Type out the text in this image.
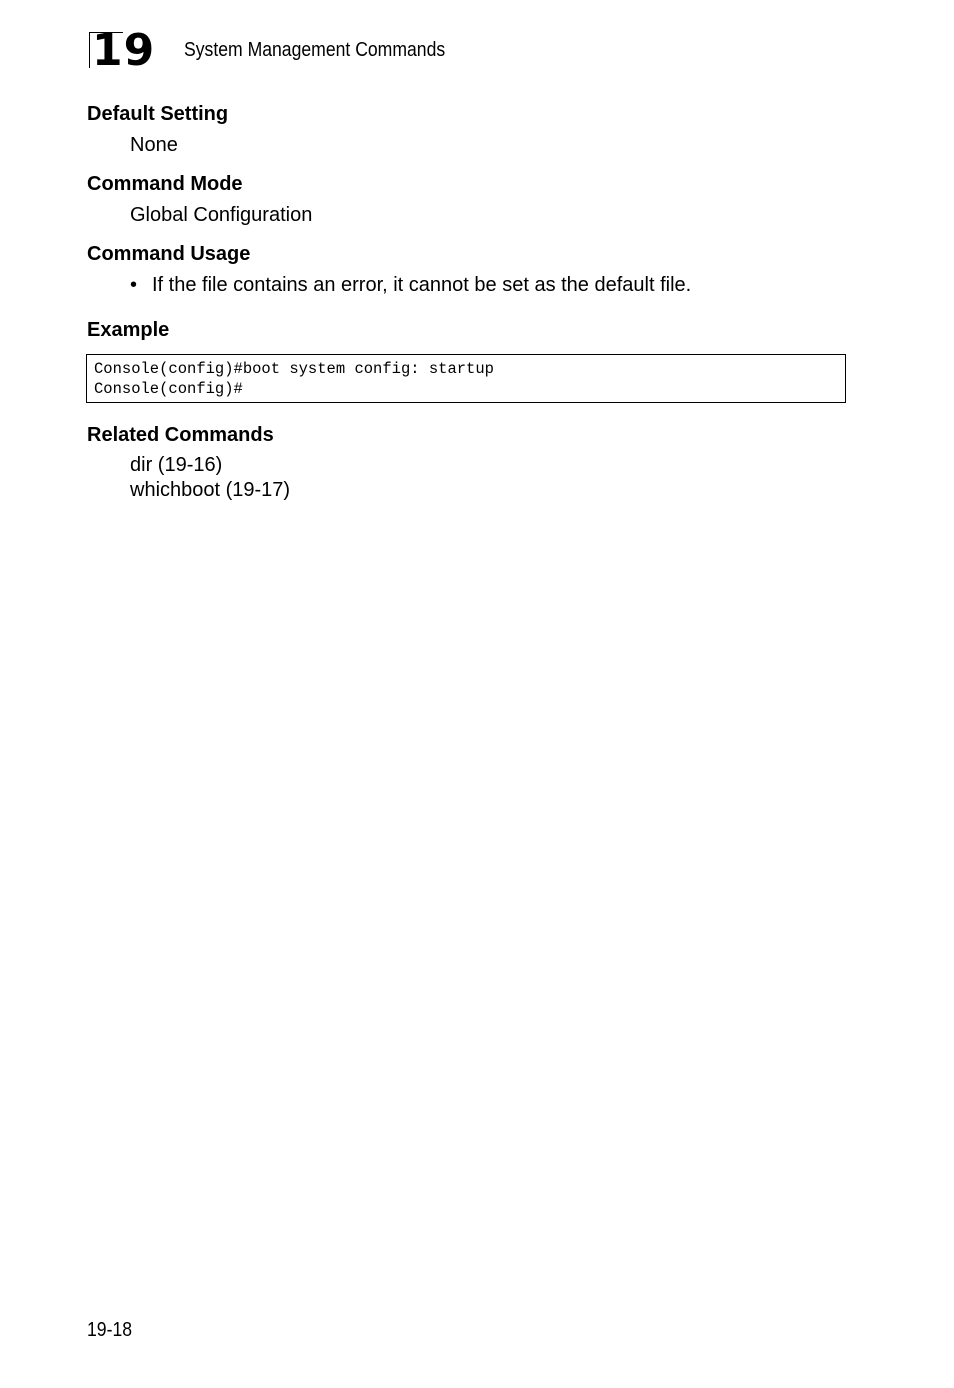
19 System Management Commands
Default Setting
None
Command Mode
Global Configuration
Command Usage
• If the file contains an error, it cannot be set as the default file.
Example
Console(config)#boot system config: startup
Console(config)#
Related Commands
dir (19-16)
whichboot (19-17)
19-18
